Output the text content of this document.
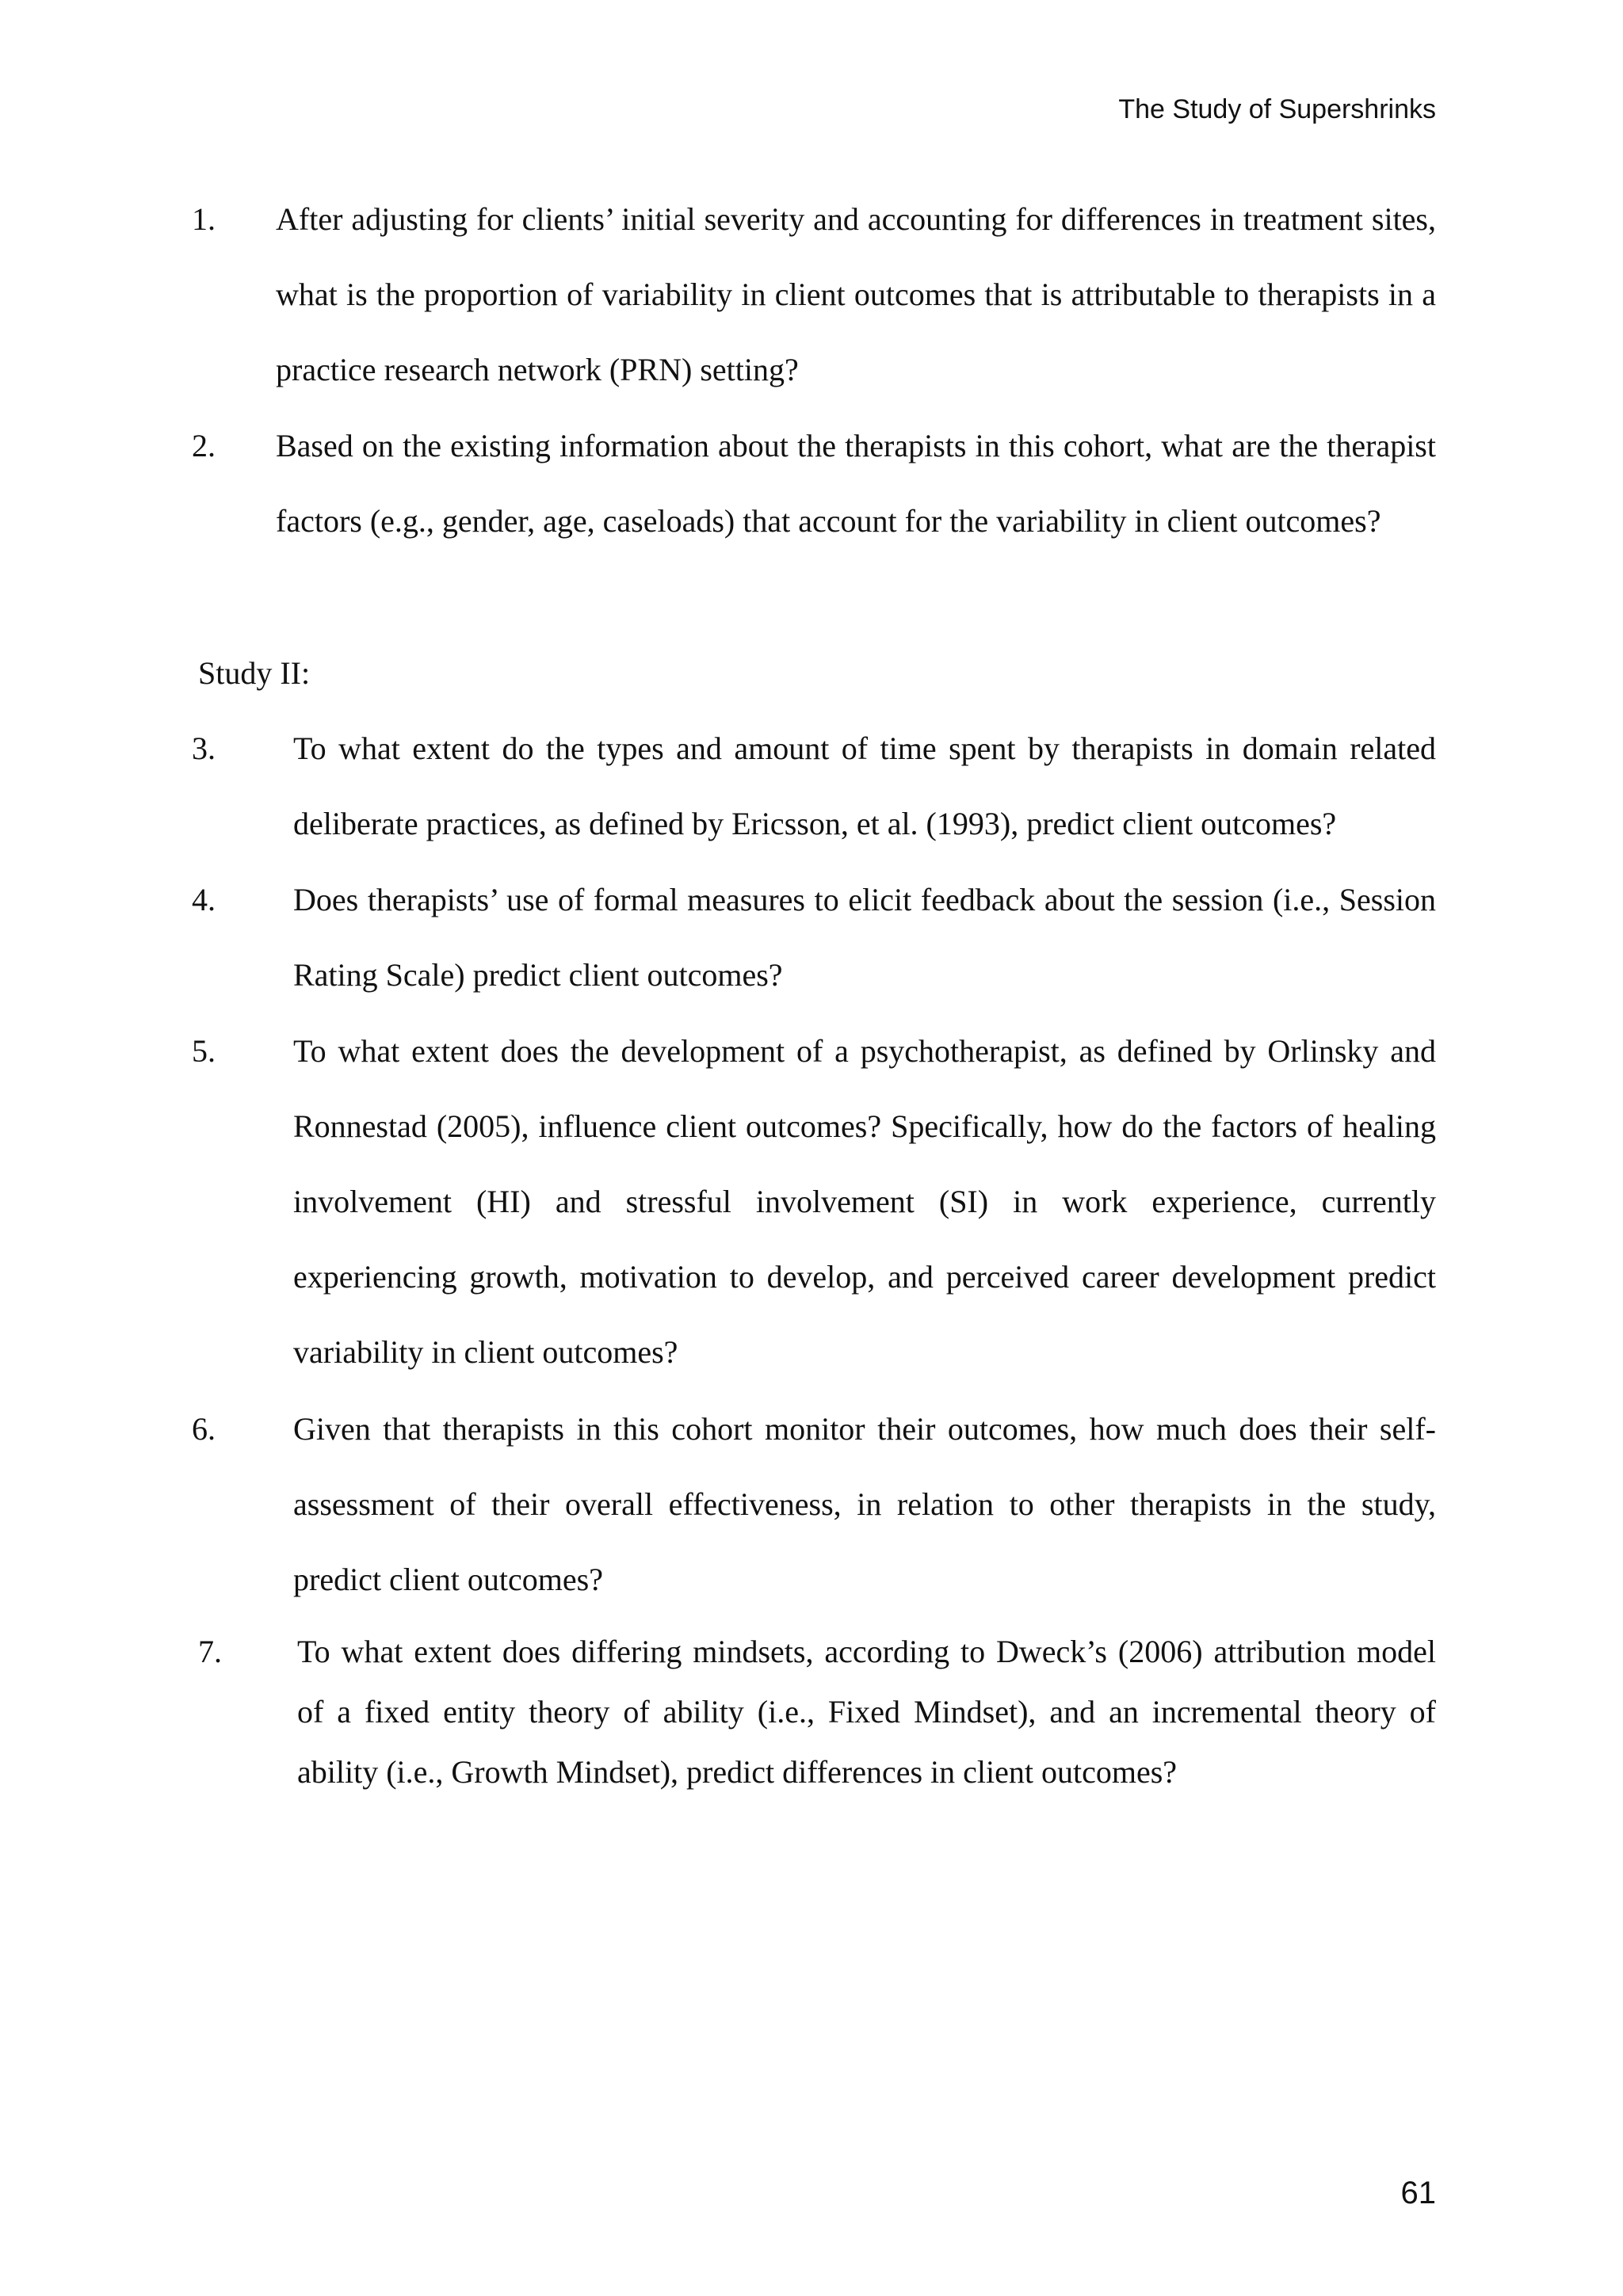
The Study of Supershrinks
1. After adjusting for clients’ initial severity and accounting for differences in treatment sites, what is the proportion of variability in client outcomes that is attributable to therapists in a practice research network (PRN) setting?
2. Based on the existing information about the therapists in this cohort, what are the therapist factors (e.g., gender, age, caseloads) that account for the variability in client outcomes?
Study II:
3. To what extent do the types and amount of time spent by therapists in domain related deliberate practices, as defined by Ericsson, et al. (1993), predict client outcomes?
4. Does therapists’ use of formal measures to elicit feedback about the session (i.e., Session Rating Scale) predict client outcomes?
5. To what extent does the development of a psychotherapist, as defined by Orlinsky and Ronnestad (2005), influence client outcomes? Specifically, how do the factors of healing involvement (HI) and stressful involvement (SI) in work experience, currently experiencing growth, motivation to develop, and perceived career development predict variability in client outcomes?
6. Given that therapists in this cohort monitor their outcomes, how much does their self-assessment of their overall effectiveness, in relation to other therapists in the study, predict client outcomes?
7. To what extent does differing mindsets, according to Dweck’s (2006) attribution model of a fixed entity theory of ability (i.e., Fixed Mindset), and an incremental theory of ability (i.e., Growth Mindset), predict differences in client outcomes?
61
